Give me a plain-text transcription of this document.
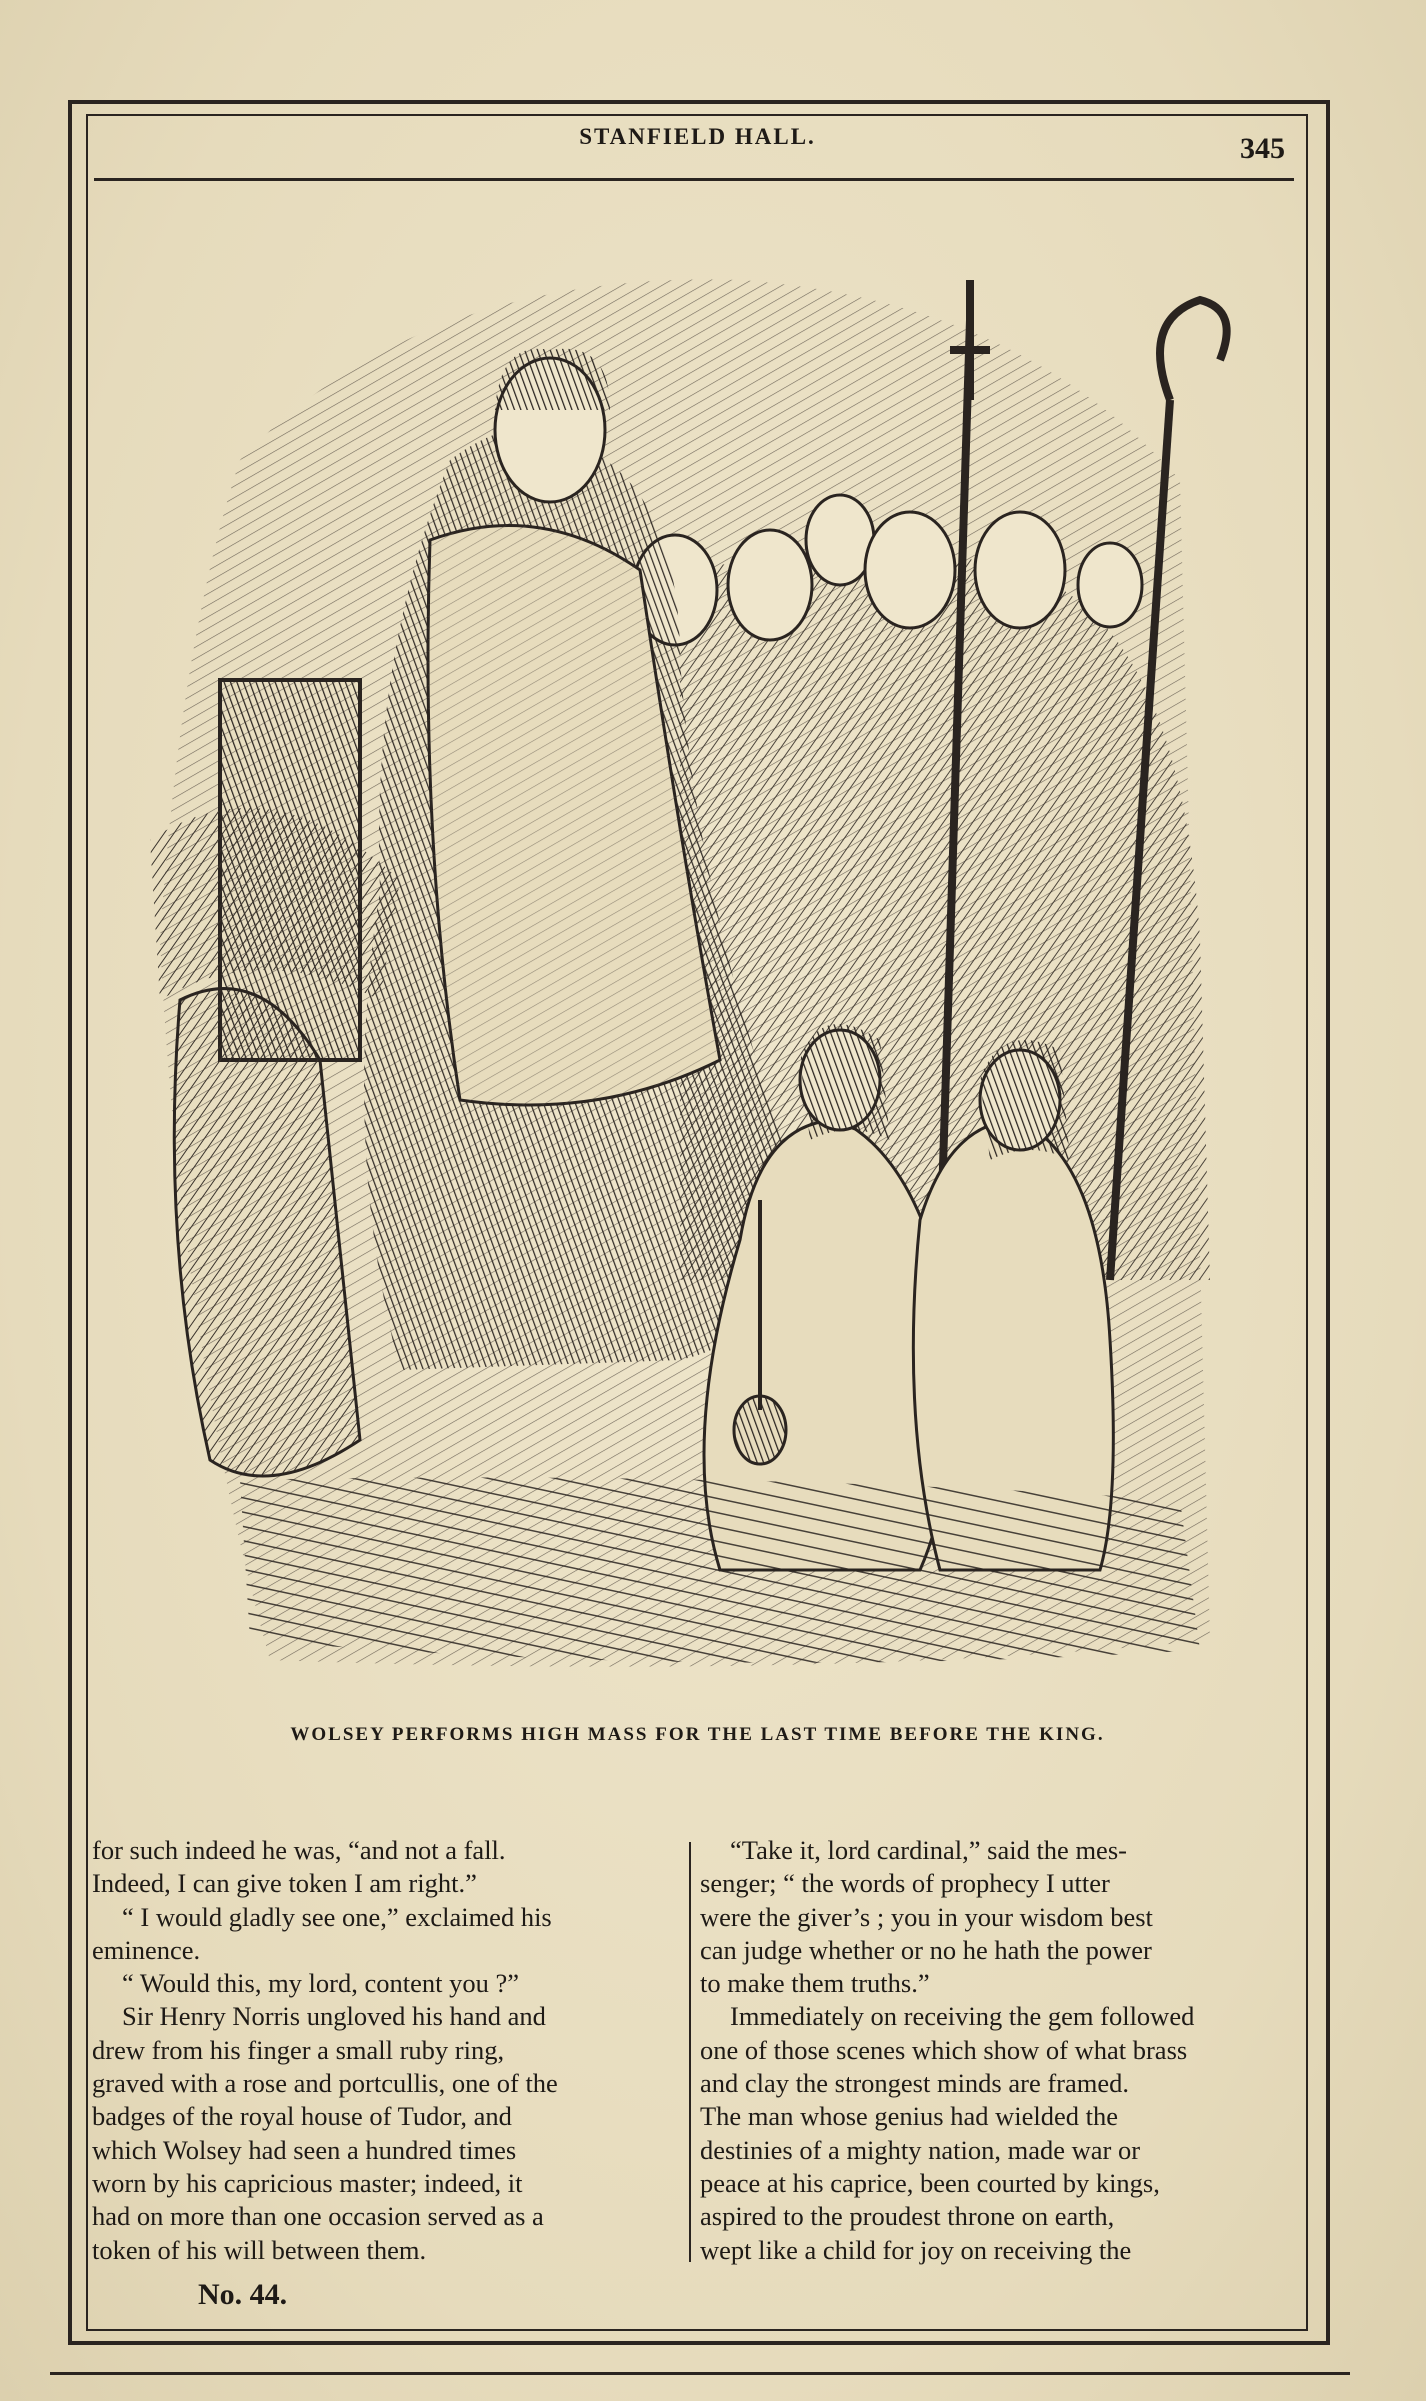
STANFIELD HALL.	345
WOLSEY PERFORMS HIGH MASS FOR THE LAST TIME BEFORE THE KING.
for such indeed he was, “and not a fall.
Indeed, I can give token I am right.”
“ I would gladly see one,” exclaimed his
eminence.
“ Would this, my lord, content you ?”
Sir Henry Norris ungloved his hand and
drew from his finger a small ruby ring,
graved with a rose and portcullis, one of the
badges of the royal house of Tudor, and
which Wolsey had seen a hundred times
worn by his capricious master; indeed, it
had on more than one occasion served as a
token of his will between them.
“Take it, lord cardinal,” said the mes-
senger; “ the words of prophecy I utter
were the giver’s ; you in your wisdom best
can judge whether or no he hath the power
to make them truths.”
Immediately on receiving the gem followed
one of those scenes which show of what brass
and clay the strongest minds are framed.
The man whose genius had wielded the
destinies of a mighty nation, made war or
peace at his caprice, been courted by kings,
aspired to the proudest throne on earth,
wept like a child for joy on receiving the
No. 44.
